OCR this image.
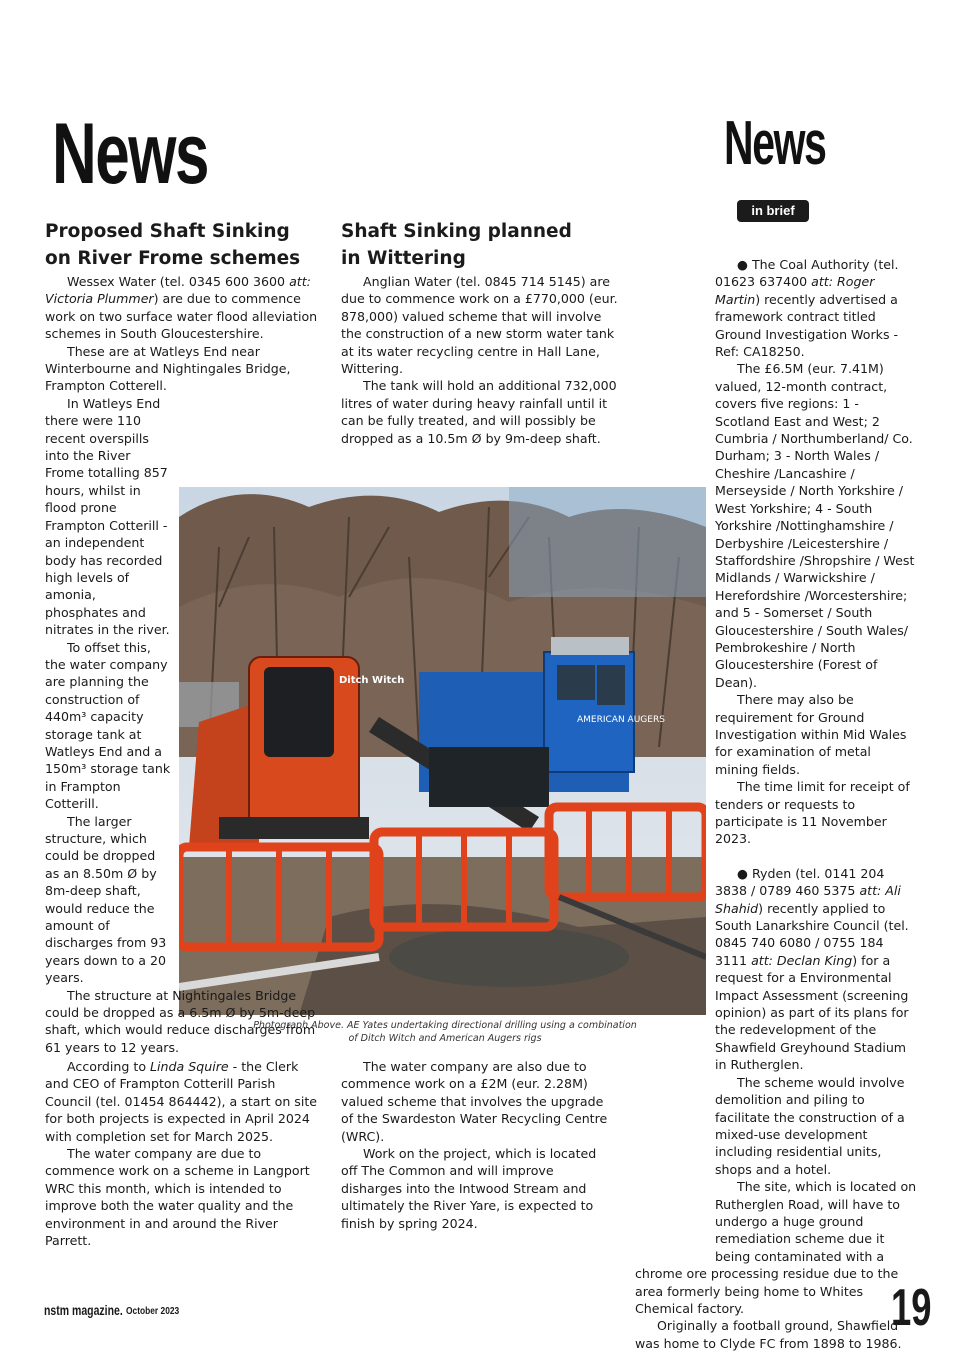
News	News
in brief
AMERICAN AUGERS
Ditch Witch
Photograph Above. AE Yates undertaking directional drilling using a combination
of Ditch Witch and American Augers rigs
Proposed Shaft Sinking
on River Frome schemes

Wessex Water (tel. 0345 600 3600 att: Victoria Plummer) are due to commence work on two surface water flood alleviation schemes in South Gloucestershire.

These are at Watleys End near Winterbourne and Nightingales Bridge, Frampton Cotterell.

In Watleys End there were 110 recent overspills into the River Frome totalling 857 hours, whilst in flood prone Frampton Cotterill - an independent body has recorded high levels of amonia, phosphates and nitrates in the river.

To offset this, the water company are planning the construction of 440m³ capacity storage tank at Watleys End and a 150m³ storage tank in Frampton Cotterill.

The larger structure, which could be dropped as an 8.50m Ø by 8m-deep shaft, would reduce the amount of discharges from 93 years down to a 20 years.

The structure at Nightingales Bridge could be dropped as a 6.5m Ø by 5m-deep shaft, which would reduce discharges from 61 years to 12 years.

According to Linda Squire - the Clerk and CEO of Frampton Cotterill Parish Council (tel. 01454 864442), a start on site for both projects is expected in April 2024 with completion set for March 2025.

The water company are due to commence work on a scheme in Langport WRC this month, which is intended to improve both the water quality and the environment in and around the River Parrett.

Shaft Sinking planned
in Wittering

Anglian Water (tel. 0845 714 5145) are due to commence work on a £770,000 (eur. 878,000) valued scheme that will involve the construction of a new storm water tank at its water recycling centre in Hall Lane, Wittering.

The tank will hold an additional 732,000 litres of water during heavy rainfall until it can be fully treated, and will possibly be dropped as a 10.5m Ø by 9m-deep shaft.

The water company are also due to commence work on a £2M (eur. 2.28M) valued scheme that involves the upgrade of the Swardeston Water Recycling Centre (WRC).

Work on the project, which is located off The Common and will improve disharges into the Intwood Stream and ultimately the River Yare, is expected to finish by spring 2024.

● The Coal Authority (tel. 01623 637400 att: Roger Martin) recently advertised a framework contract titled Ground Investigation Works - Ref: CA18250.

The £6.5M (eur. 7.41M) valued, 12-month contract, covers five regions: 1 - Scotland East and West; 2 Cumbria / Northumberland/ Co. Durham; 3 - North Wales / Cheshire /Lancashire / Merseyside / North Yorkshire / West Yorkshire; 4 - South Yorkshire /Nottinghamshire / Derbyshire /Leicestershire / Staffordshire /Shropshire / West Midlands / Warwickshire / Herefordshire /Worcestershire; and 5 - Somerset / South Gloucestershire / South Wales/ Pembrokeshire / North Gloucestershire (Forest of Dean).

There may also be requirement for Ground Investigation within Mid Wales for examination of metal mining fields.

The time limit for receipt of tenders or requests to participate is 11 November 2023.

● Ryden (tel. 0141 204 3838 / 0789 460 5375 att: Ali Shahid) recently applied to South Lanarkshire Council (tel. 0845 740 6080 / 0755 184 3111 att: Declan King) for a request for a Environmental Impact Assessment (screening opinion) as part of its plans for the redevelopment of the Shawfield Greyhound Stadium in Rutherglen.

The scheme would involve demolition and piling to facilitate the construction of a mixed-use development including residential units, shops and a hotel.

The site, which is located on Rutherglen Road, will have to undergo a huge ground remediation scheme due it being contaminated with a chrome ore processing residue due to the area formerly being home to Whites Chemical factory.

Originally a football ground, Shawfield was home to Clyde FC from 1898 to 1986.

nstm magazine. October 2023	19
